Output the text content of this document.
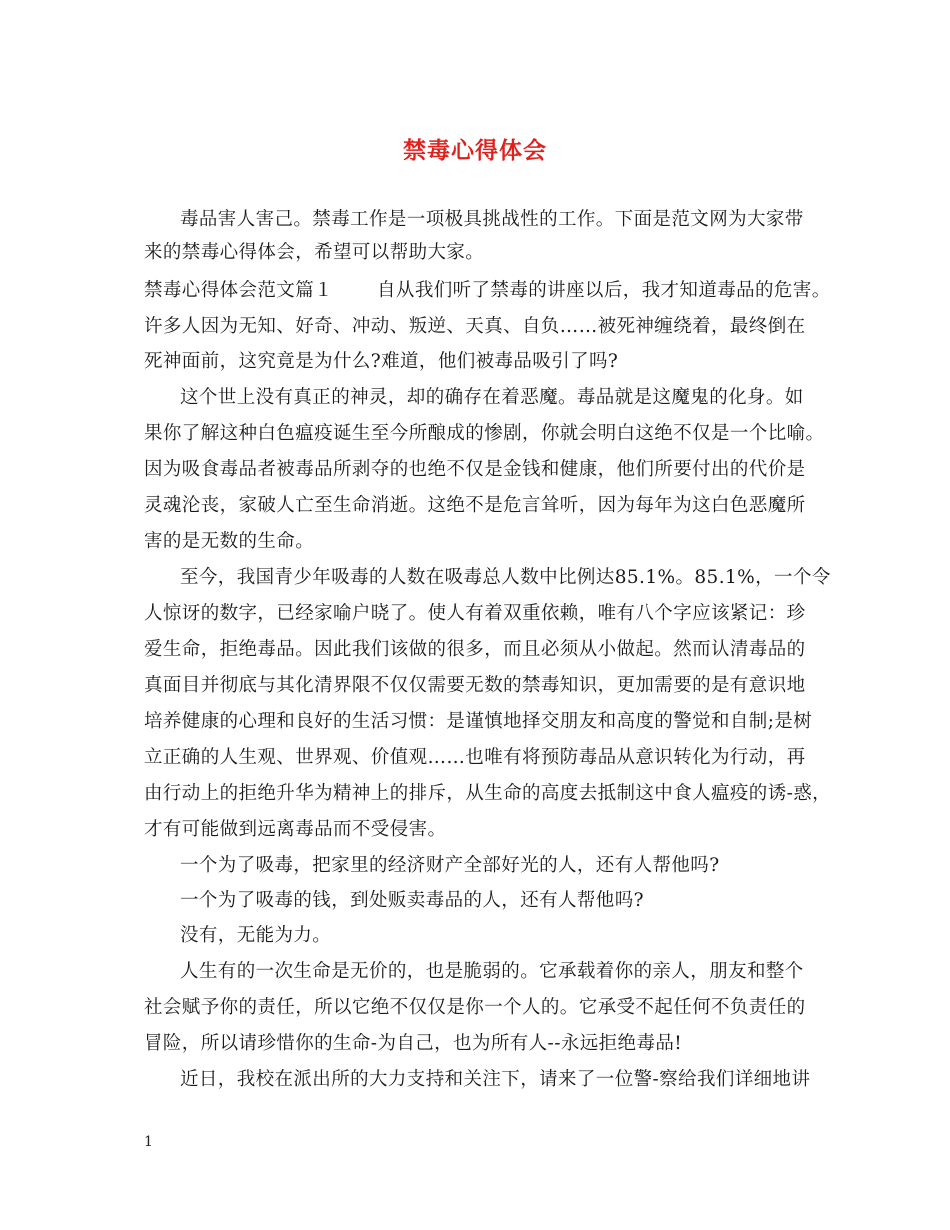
禁毒心得体会
毒品害人害己。禁毒工作是一项极具挑战性的工作。下面是范文网为大家带
来的禁毒心得体会，希望可以帮助大家。
禁毒心得体会范文篇１ 自从我们听了禁毒的讲座以后，我才知道毒品的危害。
许多人因为无知、好奇、冲动、叛逆、天真、自负……被死神缠绕着，最终倒在
死神面前，这究竟是为什么?难道，他们被毒品吸引了吗?
这个世上没有真正的神灵，却的确存在着恶魔。毒品就是这魔鬼的化身。如
果你了解这种白色瘟疫诞生至今所酿成的惨剧，你就会明白这绝不仅是一个比喻。
因为吸食毒品者被毒品所剥夺的也绝不仅是金钱和健康，他们所要付出的代价是
灵魂沦丧，家破人亡至生命消逝。这绝不是危言耸听，因为每年为这白色恶魔所
害的是无数的生命。
至今，我国青少年吸毒的人数在吸毒总人数中比例达85.1%。85.1%，一个令
人惊讶的数字，已经家喻户晓了。使人有着双重依赖，唯有八个字应该紧记：珍
爱生命，拒绝毒品。因此我们该做的很多，而且必须从小做起。然而认清毒品的
真面目并彻底与其化清界限不仅仅需要无数的禁毒知识，更加需要的是有意识地
培养健康的心理和良好的生活习惯：是谨慎地择交朋友和高度的警觉和自制;是树
立正确的人生观、世界观、价值观……也唯有将预防毒品从意识转化为行动，再
由行动上的拒绝升华为精神上的排斥，从生命的高度去抵制这中食人瘟疫的诱-惑，
才有可能做到远离毒品而不受侵害。
一个为了吸毒，把家里的经济财产全部好光的人，还有人帮他吗?
一个为了吸毒的钱，到处贩卖毒品的人，还有人帮他吗?
没有，无能为力。
人生有的一次生命是无价的，也是脆弱的。它承载着你的亲人，朋友和整个
社会赋予你的责任，所以它绝不仅仅是你一个人的。它承受不起任何不负责任的
冒险，所以请珍惜你的生命-为自己，也为所有人--永远拒绝毒品!
近日，我校在派出所的大力支持和关注下，请来了一位警-察给我们详细地讲
1
